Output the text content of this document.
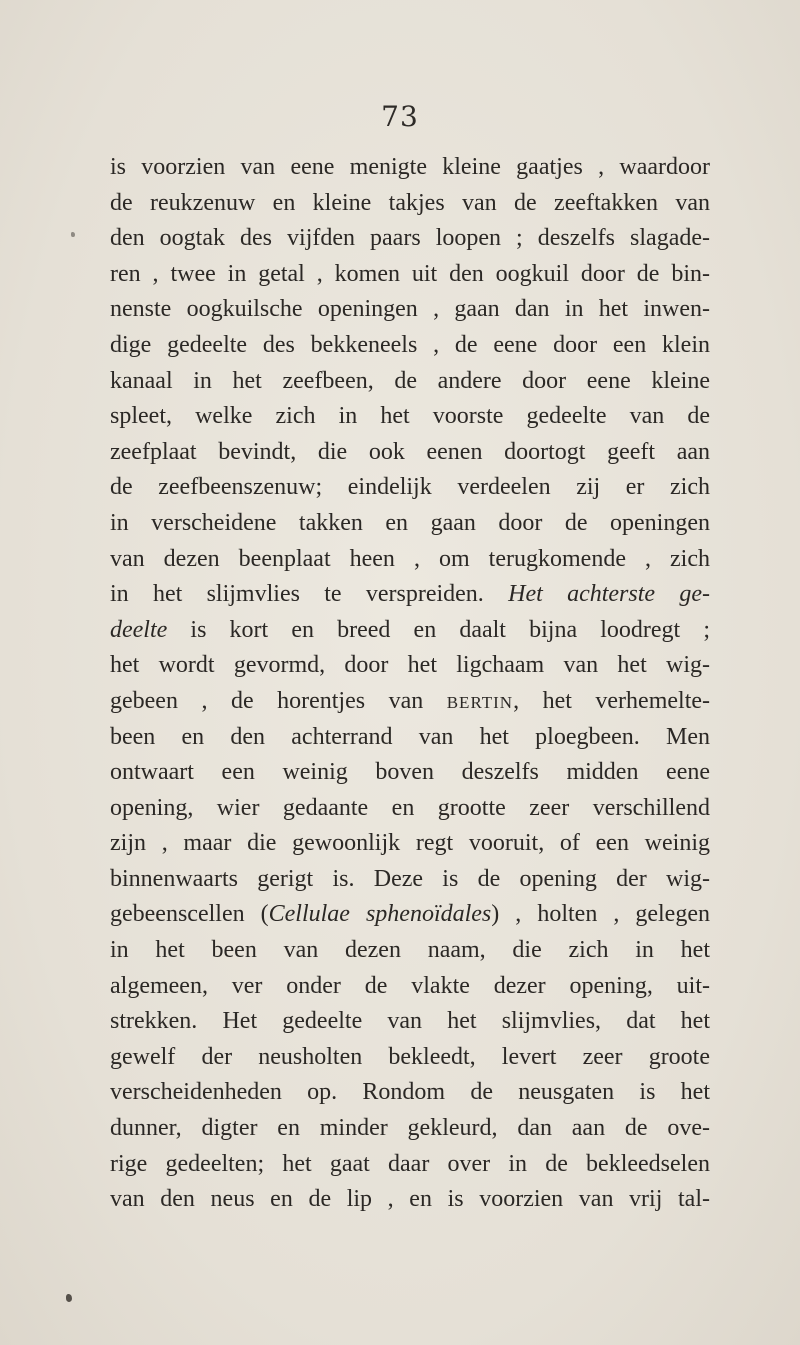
73
is voorzien van eene menigte kleine gaatjes , waardoor
de reukzenuw en kleine takjes van de zeeftakken van
den oogtak des vijfden paars loopen ; deszelfs slagade-
ren , twee in getal , komen uit den oogkuil door de bin-
nenste oogkuilsche openingen , gaan dan in het inwen-
dige gedeelte des bekkeneels , de eene door een klein
kanaal in het zeefbeen, de andere door eene kleine
spleet, welke zich in het voorste gedeelte van de
zeefplaat bevindt, die ook eenen doortogt geeft aan
de zeefbeenszenuw; eindelijk verdeelen zij er zich
in verscheidene takken en gaan door de openingen
van dezen beenplaat heen , om terugkomende , zich
in het slijmvlies te verspreiden. Het achterste ge-
deelte is kort en breed en daalt bijna loodregt ;
het wordt gevormd, door het ligchaam van het wig-
gebeen , de horentjes van BERTIN, het verhemelte-
been en den achterrand van het ploegbeen. Men
ontwaart een weinig boven deszelfs midden eene
opening, wier gedaante en grootte zeer verschillend
zijn , maar die gewoonlijk regt vooruit, of een weinig
binnenwaarts gerigt is. Deze is de opening der wig-
gebeenscellen (Cellulae sphenoïdales) , holten , gelegen
in het been van dezen naam, die zich in het
algemeen, ver onder de vlakte dezer opening, uit-
strekken. Het gedeelte van het slijmvlies, dat het
gewelf der neusholten bekleedt, levert zeer groote
verscheidenheden op. Rondom de neusgaten is het
dunner, digter en minder gekleurd, dan aan de ove-
rige gedeelten; het gaat daar over in de bekleedselen
van den neus en de lip , en is voorzien van vrij tal-
